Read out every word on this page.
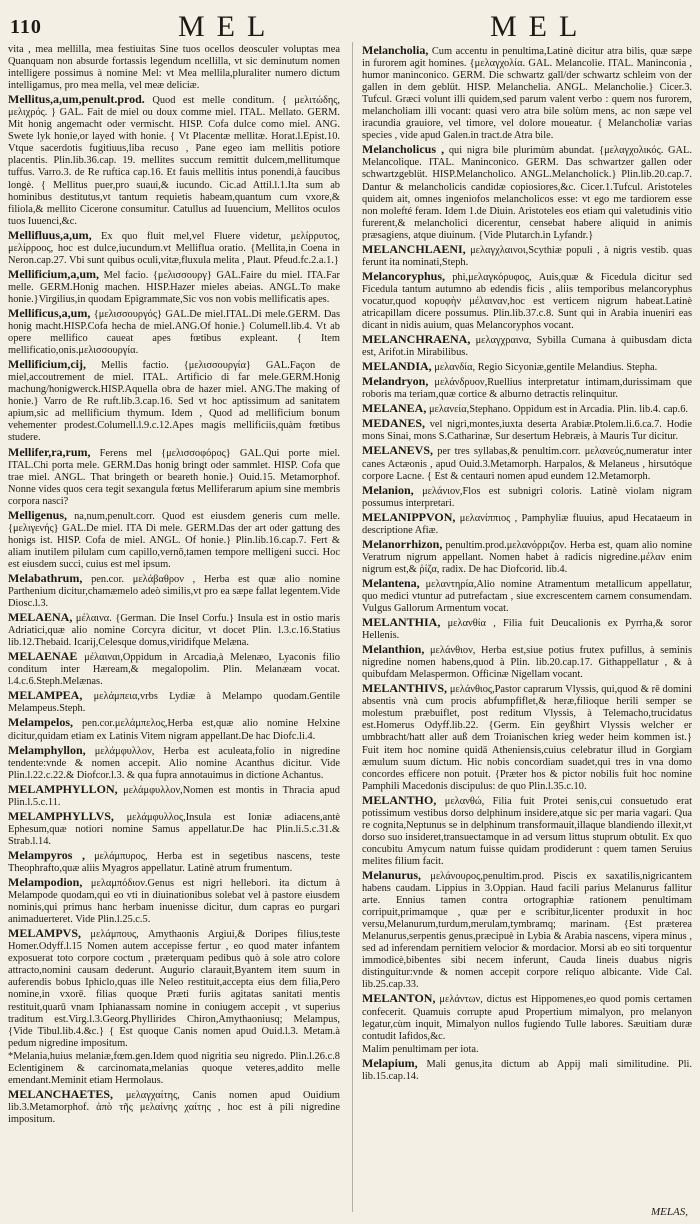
110	MEL	MEL

vita , mea mellilla, mea festiuitas Sine tuos ocellos deosculer voluptas mea Quanquam non absurde fortassis legendum ncellilla, vt sic deminutum nomen intelligere possimus à nomine Mel: vt Mea mellila,pluraliter numero dictum intelligamus, pro mea mella, vel meæ deliciæ.

Mellitus,a,um,penult.prod. Quod est melle conditum. { μελιτώδης, μελιχρός. } GAL. Fait de miel ou doux comme miel. ITAL. Mellato. GERM. Mit honig angemacht oder vermischt. HISP. Cofa dulce como miel. ANG. Swete lyk honie,or layed with honie. { Vt Placentæ mellitæ. Horat.l.Epist.10. Vtque sacerdotis fugitiuus,liba recuso , Pane egeo iam mellitis potiore placentis. Plin.lib.36.cap. 19. mellites succum remittit dulcem,mellitumque tuffus. Varro.3. de Re ruftica cap.16. Et fauis mellitis intus ponendi,à faucibus longè. { Mellitus puer,pro suaui,& iucundo. Cic.ad Attil.l.1.Ita sum ab hominibus destitutus,vt tantum requietis habeam,quantum cum vxore,& filiola,& mellito Cicerone consumitur. Catullus ad Iuuencium, Mellitos oculos tuos Iuuenci,&c.

Mellifluus,a,um, Ex quo fluit mel,vel Fluere videtur, μελίρρυτος, μελίρροος, hoc est dulce,iucundum.vt Melliflua oratio. {Mellita,in Coena in Neron.cap.27. Vbi sunt quibus oculi,vitæ,fluxula melita , Plaut. Pfeud.fc.2.a.1.}

Mellificium,a,um, Mel facio. {μελισσουργ} GAL.Faire du miel. ITA.Far melle. GERM.Honig machen. HISP.Hazer mieles abeias. ANGL.To make honie.}Virgilius,in quodam Epigrammate,Sic vos non vobis mellificatis apes.

Mellificus,a,um, {μελισσουργός} GAL.De miel.ITAL.Di mele.GERM. Das honig macht.HISP.Cofa hecha de miel.ANG.Of honie.} Columell.lib.4. Vt ab opere mellifico caueat apes fœtibus expleant. { Item mellificatio,onis.μελισσουργία.

Mellificium,cij, Mellis factio. {μελισσουργία} GAL.Façon de miel,accoutrement de miel. ITAL. Artificio di far mele.GERM.Honig machung/honigwerck.HISP.Aquella obra de hazer miel. ANG.The making of honie.} Varro de Re ruft.lib.3.cap.16. Sed vt hoc aptissimum ad sanitatem apium,sic ad mellificium thymum. Idem , Quod ad mellificium bonum vehementer prodest.Columell.l.9.c.12.Apes magis mellificiis,quàm fœtibus studere.

Mellifer,ra,rum, Ferens mel {μελισσοφόρος} GAL.Qui porte miel. ITAL.Chi porta mele. GERM.Das honig bringt oder sammlet. HISP. Cofa que trae miel. ANGL. That bringeth or beareth honie.} Ouid.15. Metamorphof. Nonne vides quos cera tegit sexangula fœtus Melliferarum apium sine membris corpora nasci?

Melligenus, na,num,penult.corr. Quod est eiusdem generis cum melle. {μελιγενής} GAL.De miel. ITA Di mele. GERM.Das der art oder gattung des honigs ist. HISP. Cofa de miel. ANGL. Of honie.} Plin.lib.16.cap.7. Fert & aliam inutilem pilulam cum capillo,vernō,tamen tempore melligeni succi. Hoc est eiusdem succi, cuius est mel ipsum.

Melabathrum, pen.cor. μελάβαθρον , Herba est quæ alio nomine Parthenium dicitur,chamæmelo adeò similis,vt pro ea sæpe fallat legentem.Vide Diosc.l.3.

MELAENA, μέλαινα. {German. Die Insel Corfu.} Insula est in ostio maris Adriatici,quæ alio nomine Corcyra dicitur, vt docet Plin. l.3.c.16.Statius lib.12.Thebaid. Icarij,Celesque domus,viridifque Melæna.

MELAENAE μέλαιναι,Oppidum in Arcadia,à Melenæo, Lyaconis filio conditum inter Hæream,& megalopolim. Plin. Melanæam vocat. l.4.c.6.Steph.Melænas.

MELAMPEA, μελάμπεια,vrbs Lydiæ à Melampo quodam.Gentile Melampeus.Steph.

Melampelos, pen.cor.μελάμπελος,Herba est,quæ alio nomine Helxine dicitur,quidam etiam ex Latinis Vitem nigram appellant.De hac Diofc.li.4.

Melamphyllon, μελάμφυλλον, Herba est aculeata,folio in nigredine tendente:vnde & nomen accepit. Alio nomine Acanthus dicitur. Vide Plin.l.22.c.22.& Diofcor.l.3. & qua fupra annotauimus in dictione Achantus.

MELAMPHYLLON, μελάμφυλλον,Nomen est montis in Thracia apud Plin.l.5.c.11.

MELAMPHYLLVS, μελάμφυλλος,Insula est Ioniæ adiacens,antè Ephesum,quæ notiori nomine Samus appellatur.De hac Plin.li.5.c.31.& Strab.l.14.

Melampyros , μελάμπυρος, Herba est in segetibus nascens, teste Theophrafto,quæ aliis Myagros appellatur. Latinè atrum frumentum.

Melampodion, μελαμπόδιον.Genus est nigri hellebori. ita dictum à Melampode quodam,qui eo vti in diuinationibus solebat vel à pastore eiusdem nominis,qui primus hanc herbam inuenisse dicitur, dum capras eo purgari animaduerteret. Vide Plin.l.25.c.5.

MELAMPVS, μελάμπους, Amythaonis Argiui,& Doripes filius,teste Homer.Odyff.l.15 Nomen autem accepisse fertur , eo quod mater infantem exposuerat toto corpore coctum , præterquam pedibus quò à sole atro colore attracto,nomini causam dederunt. Augurio clarauit,Byantem item suum in auferendis bobus Iphiclo,quas ille Neleo restituit,accepta eius dem filia,Pero nomine,in vxorē. filias quoque Præti furiis agitatas sanitati mentis restituit,quarū vnam Iphianassam nomine in coniugem accepit , vt superius traditum est.Virg.l.3.Georg.Phyllirides Chiron,Amythaoniusq; Melampus, {Vide Tibul.lib.4.&c.} { Est quoque Canis nomen apud Ouid.l.3. Metam.à pedum nigredine impositum.

*Melania,huius melaniæ,fœm.gen.Idem quod nigritia seu nigredo. Plin.l.26.c.8 Eclentiginem & carcinomata,melanias quoque veteres,addito melle emendant.Meminit etiam Hermolaus.

MELANCHAETES, μελαγχαίτης, Canis nomen apud Ouidium lib.3.Metamorphof. ἀπὸ τῆς μελαίνης χαίτης , hoc est à pili nigredine impositum.

Melancholia, Cum accentu in penultima,Latinè dicitur atra bilis, quæ sæpe in furorem agit homines. {μελαγχολία. GAL. Melancolie. ITAL. Maninconia , humor maninconico. GERM. Die schwartz gall/der schwartz schleim von der gallen in dem geblüt. HISP. Melanchelia. ANGL. Melancholie.} Cicer.3. Tufcul. Græci volunt illi quidem,sed parum valent verbo : quem nos furorem, melancholiam illi vocant: quasi vero atra bile solùm mens, ac non sæpe vel iracundia grauiore, vel timore, vel dolore moueatur. { Melancholiæ varias species , vide apud Galen.in tract.de Atra bile.

Melancholicus , qui nigra bile plurimùm abundat. {μελαγχολικός. GAL. Melancolique. ITAL. Maninconico. GERM. Das schwartzer gallen oder schwartzgeblüt. HISP.Melancholico. ANGL.Melancholick.} Plin.lib.20.cap.7. Dantur & melancholicis candidæ copiosiores,&c. Cicer.1.Tufcul. Aristoteles quidem ait, omnes ingeniofos melancholicos esse: vt ego me tardiorem esse non molefté feram. Idem 1.de Diuin. Aristoteles eos etiam qui valetudinis vitio furerent,& melancholici dicerentur, censebat habere aliquid in animis præsagiens, atque diuinum. {Vide Plutarch.in Lyfandr.}

MELANCHLAENI, μελαγχλαινοι,Scythiæ populi , à nigris vestib. quas ferunt ita nominati,Steph.

Melancoryphus, phi,μελαγκόρυφος, Auis,quæ & Ficedula dicitur sed Ficedula tantum autumno ab edendis ficis , aliis temporibus melancoryphus vocatur,quod κορυφὴν μέλαιναν,hoc est verticem nigrum habeat.Latinè atricapillam dicere possumus. Plin.lib.37.c.8. Sunt qui in Arabia inueniri eas dicant in nidis auium, quas Melancoryphos vocant.

MELANCHRAENA, μελαγχραινα, Sybilla Cumana à quibusdam dicta est, Arifot.in Mirabilibus.

MELANDIA, μελανδία, Regio Sicyoniæ,gentile Melandius. Stepha.

Melandryon, μελάνδρυον,Ruellius interpretatur intimam,durissimam que roboris ma teriam,quæ cortice & alburno detractis relinquitur.

MELANEA, μελανεία,Stephano. Oppidum est in Arcadia. Plin. lib.4. cap.6.

MEDANES, vel nigri,montes,iuxta deserta Arabiæ.Ptolem.li.6.ca.7. Hodie mons Sinai, mons S.Catharinæ, Sur desertum Hebræis, à Mauris Tur dicitur.

MELANEVS, per tres syllabas,& penultim.corr. μελανεύς,numeratur inter canes Actæonis , apud Ouid.3.Metamorph. Harpalos, & Melaneus , hirsutóque corpore Lacne. { Est & centauri nomen apud eundem 12.Metamorph.

Melanion, μελάνιον,Flos est subnigri coloris. Latinè violam nigram possumus interpretari.

MELANIPPVON, μελανίππιος , Pamphyliæ fluuius, apud Hecataeum in descriptione Afiæ.

Melanorrhizon, penultim.prod.μελανόρριζον. Herba est, quam alio nomine Veratrum nigrum appellant. Nomen habet à radicis nigredine.μέλαν enim nigrum est,& ῥίζα, radix. De hac Diofcorid. lib.4.

Melantena, μελαντηρία,Alio nomine Atramentum metallicum appellatur, quo medici vtuntur ad putrefactam , siue excrescentem carnem consumendam. Vulgus Gallorum Armentum vocat.

MELANTHIA, μελανθία , Filia fuit Deucalionis ex Pyrrha,& soror Hellenis.

Melanthion, μελάνθιον, Herba est,siue potius frutex pufillus, à seminis nigredine nomen habens,quod à Plin. lib.20.cap.17. Githappellatur , & à quibufdam Melaspermon. Officinæ Nigellam vocant.

MELANTHIVS, μελάνθιος,Pastor caprarum Vlyssis, qui,quod & rē domini absentis vnà cum procis abfumpfiflet,& heræ,filioque herili semper se molestum præbuiflet, post reditum Vlyssis, à Telemacho,trucidatus est.Homerus Odyff.lib.22. {Germ. Ein geyßhirt Vlyssis welcher er umbbracht/hatt aller auß dem Troianischen krieg weder heim kommen ist.} Fuit item hoc nomine quidā Atheniensis,cuius celebratur illud in Gorgiam æmulum suum dictum. Hic nobis concordiam suadet,qui tres in vna domo concordes efficere non potuit. {Præter hos & pictor nobilis fuit hoc nomine Pamphili Macedonis discipulus: de quo Plin.l.35.c.10.

MELANTHO, μελανθώ, Filia fuit Protei senis,cui consuetudo erat potissimum vestibus dorso delphinum insidere,atque sic per maria vagari. Qua re cognita,Neptunus se in delphinum transformauit,illaque blandiendo illexit,vt dorso suo insideret,transuectamque in ad versum littus stuprum obtulit. Ex quo concubitu Amycum natum fuisse quidam prodiderunt : quem tamen Seruius melites filium facit.

Melanurus, μελάνουρος,penultim.prod. Piscis ex saxatilis,nigricantem habens caudam. Lippius in 3.Oppian. Haud facili parius Melanurus fallitur arte. Ennius tamen contra ortographiæ rationem penultimam corripuit,primamque , quæ per e scribitur,licenter produxit in hoc versu,Melanurum,turdum,merulam,tymbramq; marinam. {Est præterea Melanurus,serpentis genus,præcipuè in Lybia & Arabia nascens, vipera minus , sed ad inferendam pernitiem velocior & mordacior. Morsi ab eo siti torquentur immodicè,bibentes sibi necem inferunt, Cauda lineis duabus nigris distinguitur:vnde & nomen accepit corpore reliquo albicante. Vide Cal. lib.25.cap.33.

MELANTON, μελάντων, dictus est Hippomenes,eo quod pomis certamen confecerit. Quamuis corrupte apud Propertium mimalyon, pro melanyon legatur,cùm inquit, Mimalyon nullos fugiendo Tulle labores. Sæuitiam duræ contudit Iafidos,&c.

Malim penultimam per iota.

Melapium, Mali genus,ita dictum ab Appij mali similitudine. Pli. lib.15.cap.14.

MELAS,
